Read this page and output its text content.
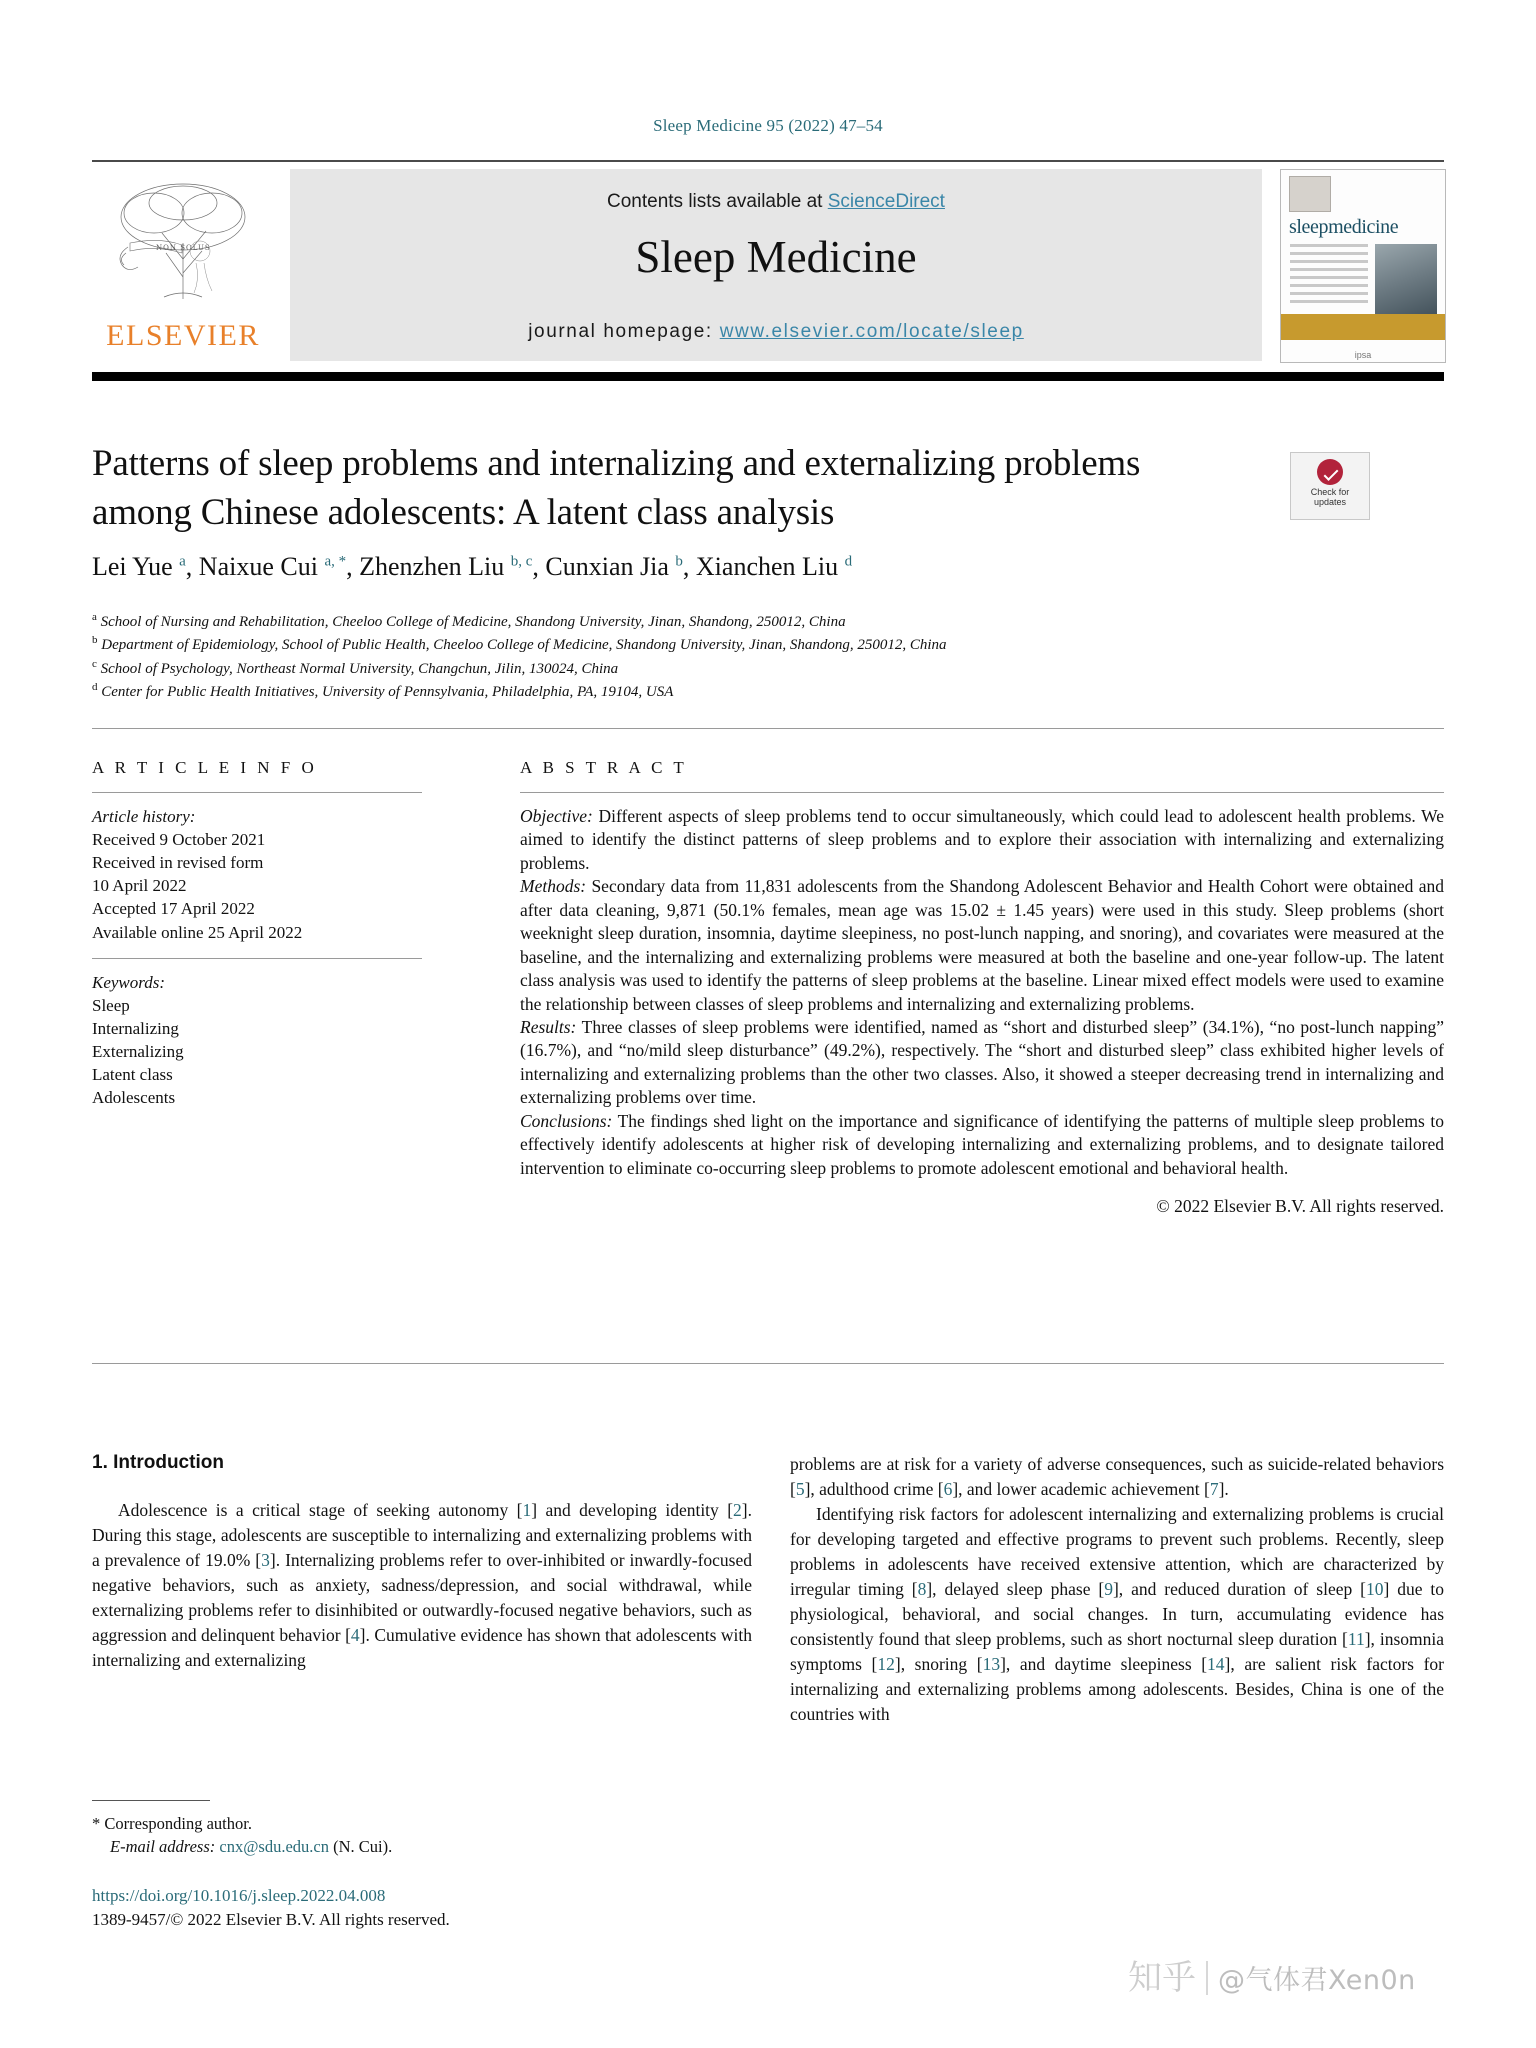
Sleep Medicine 95 (2022) 47–54
NON SOLUS
ELSEVIER
Contents lists available at ScienceDirect
Sleep Medicine
journal homepage: www.elsevier.com/locate/sleep
sleepmedicine
ipsa
Patterns of sleep problems and internalizing and externalizing problems among Chinese adolescents: A latent class analysis	Check for
updates
Lei Yue $^a$, Naixue Cui $^{a, *}$, Zhenzhen Liu $^{b, c}$, Cunxian Jia $^b$, Xianchen Liu $^d$
$^a$ School of Nursing and Rehabilitation, Cheeloo College of Medicine, Shandong University, Jinan, Shandong, 250012, China
$^b$ Department of Epidemiology, School of Public Health, Cheeloo College of Medicine, Shandong University, Jinan, Shandong, 250012, China
$^c$ School of Psychology, Northeast Normal University, Changchun, Jilin, 130024, China
$^d$ Center for Public Health Initiatives, University of Pennsylvania, Philadelphia, PA, 19104, USA
A R T I C L E I N F O
Article history:
Received 9 October 2021
Received in revised form
10 April 2022
Accepted 17 April 2022
Available online 25 April 2022
Keywords:
Sleep
Internalizing
Externalizing
Latent class
Adolescents
A B S T R A C T

Objective: Different aspects of sleep problems tend to occur simultaneously, which could lead to adolescent health problems. We aimed to identify the distinct patterns of sleep problems and to explore their association with internalizing and externalizing problems.

Methods: Secondary data from 11,831 adolescents from the Shandong Adolescent Behavior and Health Cohort were obtained and after data cleaning, 9,871 (50.1% females, mean age was 15.02 ± 1.45 years) were used in this study. Sleep problems (short weeknight sleep duration, insomnia, daytime sleepiness, no post-lunch napping, and snoring), and covariates were measured at the baseline, and the internalizing and externalizing problems were measured at both the baseline and one-year follow-up. The latent class analysis was used to identify the patterns of sleep problems at the baseline. Linear mixed effect models were used to examine the relationship between classes of sleep problems and internalizing and externalizing problems.

Results: Three classes of sleep problems were identified, named as “short and disturbed sleep” (34.1%), “no post-lunch napping” (16.7%), and “no/mild sleep disturbance” (49.2%), respectively. The “short and disturbed sleep” class exhibited higher levels of internalizing and externalizing problems than the other two classes. Also, it showed a steeper decreasing trend in internalizing and externalizing problems over time.

Conclusions: The findings shed light on the importance and significance of identifying the patterns of multiple sleep problems to effectively identify adolescents at higher risk of developing internalizing and externalizing problems, and to designate tailored intervention to eliminate co-occurring sleep problems to promote adolescent emotional and behavioral health.

© 2022 Elsevier B.V. All rights reserved.
1. Introduction

Adolescence is a critical stage of seeking autonomy [1] and developing identity [2]. During this stage, adolescents are susceptible to internalizing and externalizing problems with a prevalence of 19.0% [3]. Internalizing problems refer to over-inhibited or inwardly-focused negative behaviors, such as anxiety, sadness/depression, and social withdrawal, while externalizing problems refer to disinhibited or outwardly-focused negative behaviors, such as aggression and delinquent behavior [4]. Cumulative evidence has shown that adolescents with internalizing and externalizing

problems are at risk for a variety of adverse consequences, such as suicide-related behaviors [5], adulthood crime [6], and lower academic achievement [7].

Identifying risk factors for adolescent internalizing and externalizing problems is crucial for developing targeted and effective programs to prevent such problems. Recently, sleep problems in adolescents have received extensive attention, which are characterized by irregular timing [8], delayed sleep phase [9], and reduced duration of sleep [10] due to physiological, behavioral, and social changes. In turn, accumulating evidence has consistently found that sleep problems, such as short nocturnal sleep duration [11], insomnia symptoms [12], snoring [13], and daytime sleepiness [14], are salient risk factors for internalizing and externalizing problems among adolescents. Besides, China is one of the countries with

* Corresponding author.
E-mail address: cnx@sdu.edu.cn (N. Cui).
https://doi.org/10.1016/j.sleep.2022.04.008
1389-9457/© 2022 Elsevier B.V. All rights reserved.
知乎 @气体君Xen0n
